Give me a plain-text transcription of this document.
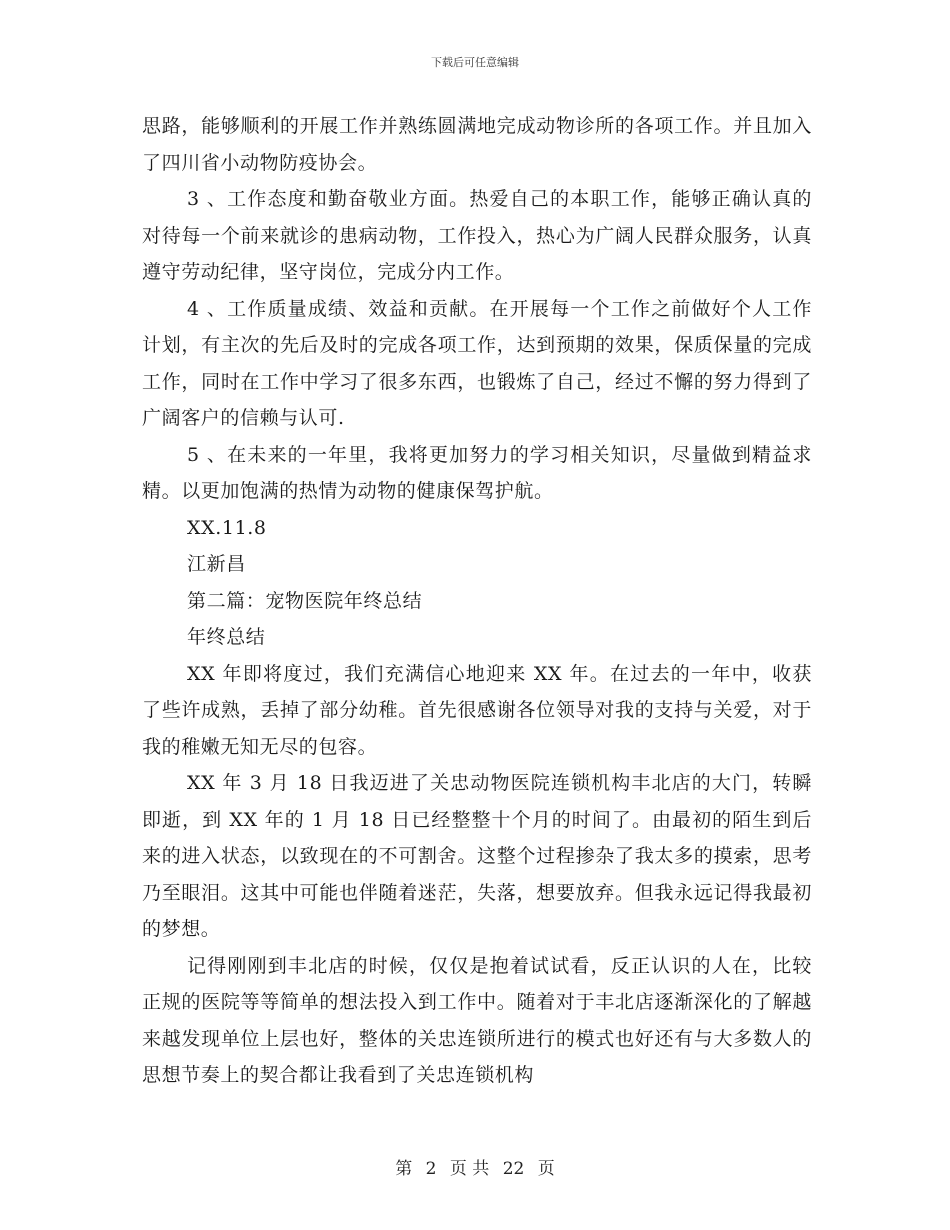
下载后可任意编辑

思路，能够顺利的开展工作并熟练圆满地完成动物诊所的各项工作。并且加入了四川省小动物防疫协会。

3 、工作态度和勤奋敬业方面。热爱自己的本职工作，能够正确认真的对待每一个前来就诊的患病动物，工作投入，热心为广阔人民群众服务，认真遵守劳动纪律，坚守岗位，完成分内工作。

4 、工作质量成绩、效益和贡献。在开展每一个工作之前做好个人工作计划，有主次的先后及时的完成各项工作，达到预期的效果，保质保量的完成工作，同时在工作中学习了很多东西，也锻炼了自己，经过不懈的努力得到了广阔客户的信赖与认可.

5 、在未来的一年里，我将更加努力的学习相关知识，尽量做到精益求精。以更加饱满的热情为动物的健康保驾护航。

XX.11.8

江新昌

第二篇：宠物医院年终总结

年终总结

XX 年即将度过，我们充满信心地迎来 XX 年。在过去的一年中，收获了些许成熟，丢掉了部分幼稚。首先很感谢各位领导对我的支持与关爱，对于我的稚嫩无知无尽的包容。

XX 年 3 月 18 日我迈进了关忠动物医院连锁机构丰北店的大门，转瞬即逝，到 XX 年的 1 月 18 日已经整整十个月的时间了。由最初的陌生到后来的进入状态，以致现在的不可割舍。这整个过程掺杂了我太多的摸索，思考乃至眼泪。这其中可能也伴随着迷茫，失落，想要放弃。但我永远记得我最初的梦想。

记得刚刚到丰北店的时候，仅仅是抱着试试看，反正认识的人在，比较正规的医院等等简单的想法投入到工作中。随着对于丰北店逐渐深化的了解越来越发现单位上层也好，整体的关忠连锁所进行的模式也好还有与大多数人的思想节奏上的契合都让我看到了关忠连锁机构

第 2 页 共 22 页
